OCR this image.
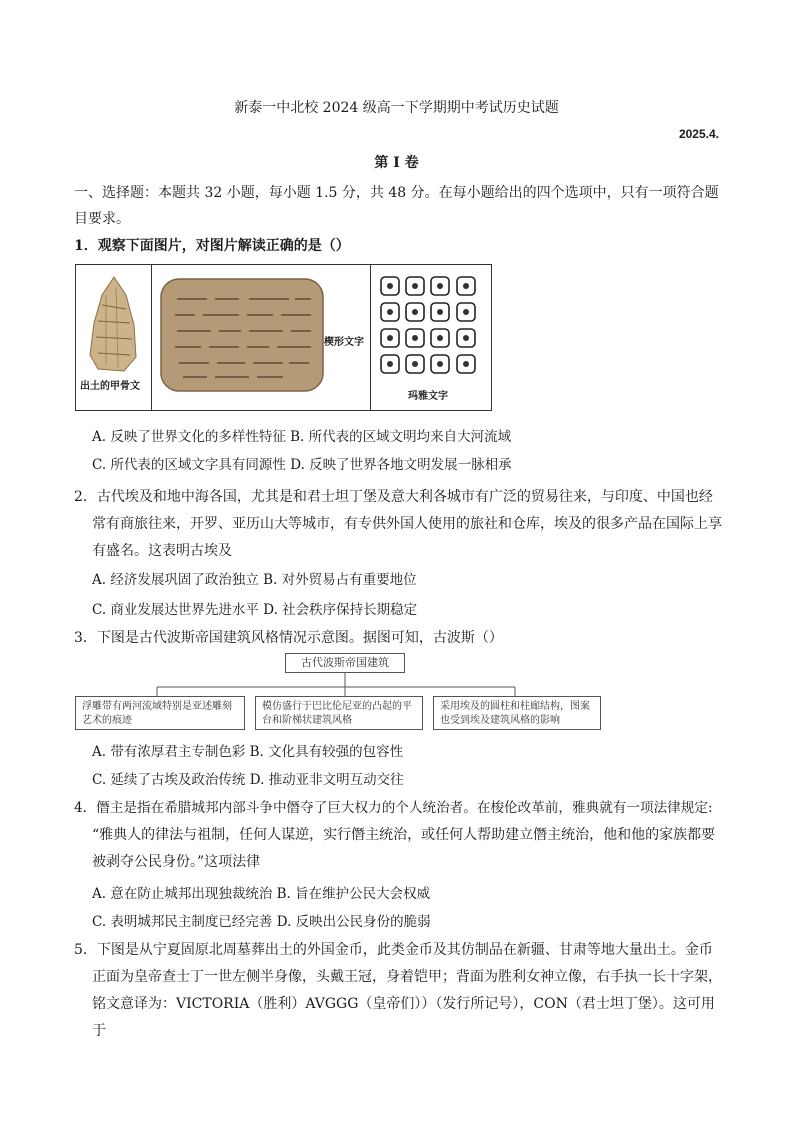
新泰一中北校 2024 级高一下学期期中考试历史试题
2025.4.
第 I 卷
一、选择题：本题共 32 小题，每小题 1.5 分，共 48 分。在每小题给出的四个选项中，只有一项符合题
目要求。
1．观察下面图片，对图片解读正确的是（）
出土的甲骨文
楔形文字
玛雅文字
A. 反映了世界文化的多样性特征 B. 所代表的区域文明均来自大河流域
C. 所代表的区域文字具有同源性 D. 反映了世界各地文明发展一脉相承
2．古代埃及和地中海各国，尤其是和君士坦丁堡及意大利各城市有广泛的贸易往来，与印度、中国也经
常有商旅往来，开罗、亚历山大等城市，有专供外国人使用的旅社和仓库，埃及的很多产品在国际上享
有盛名。这表明古埃及
A. 经济发展巩固了政治独立 B. 对外贸易占有重要地位
C. 商业发展达世界先进水平 D. 社会秩序保持长期稳定
3．下图是古代波斯帝国建筑风格情况示意图。据图可知，古波斯（）
古代波斯帝国建筑
浮雕带有两河流域特别是亚述雕刻艺术的痕迹
模仿盛行于巴比伦尼亚的凸起的平台和阶梯状建筑风格
采用埃及的圆柱和柱廊结构，图案也受到埃及建筑风格的影响
A. 带有浓厚君主专制色彩 B. 文化具有较强的包容性
C. 延续了古埃及政治传统 D. 推动亚非文明互动交往
4．僭主是指在希腊城邦内部斗争中僭夺了巨大权力的个人统治者。在梭伦改革前，雅典就有一项法律规定:
“雅典人的律法与祖制，任何人谋逆，实行僭主统治，或任何人帮助建立僭主统治，他和他的家族都要
被剥夺公民身份。”这项法律
A. 意在防止城邦出现独裁统治 B. 旨在维护公民大会权威
C. 表明城邦民主制度已经完善 D. 反映出公民身份的脆弱
5．下图是从宁夏固原北周墓葬出土的外国金币，此类金币及其仿制品在新疆、甘肃等地大量出土。金币
正面为皇帝查士丁一世左侧半身像，头戴王冠，身着铠甲；背面为胜利女神立像，右手执一长十字架，
铭文意译为：VICTORIA（胜利）AVGGG（皇帝们））（发行所记号），CON（君士坦丁堡）。这可用于
